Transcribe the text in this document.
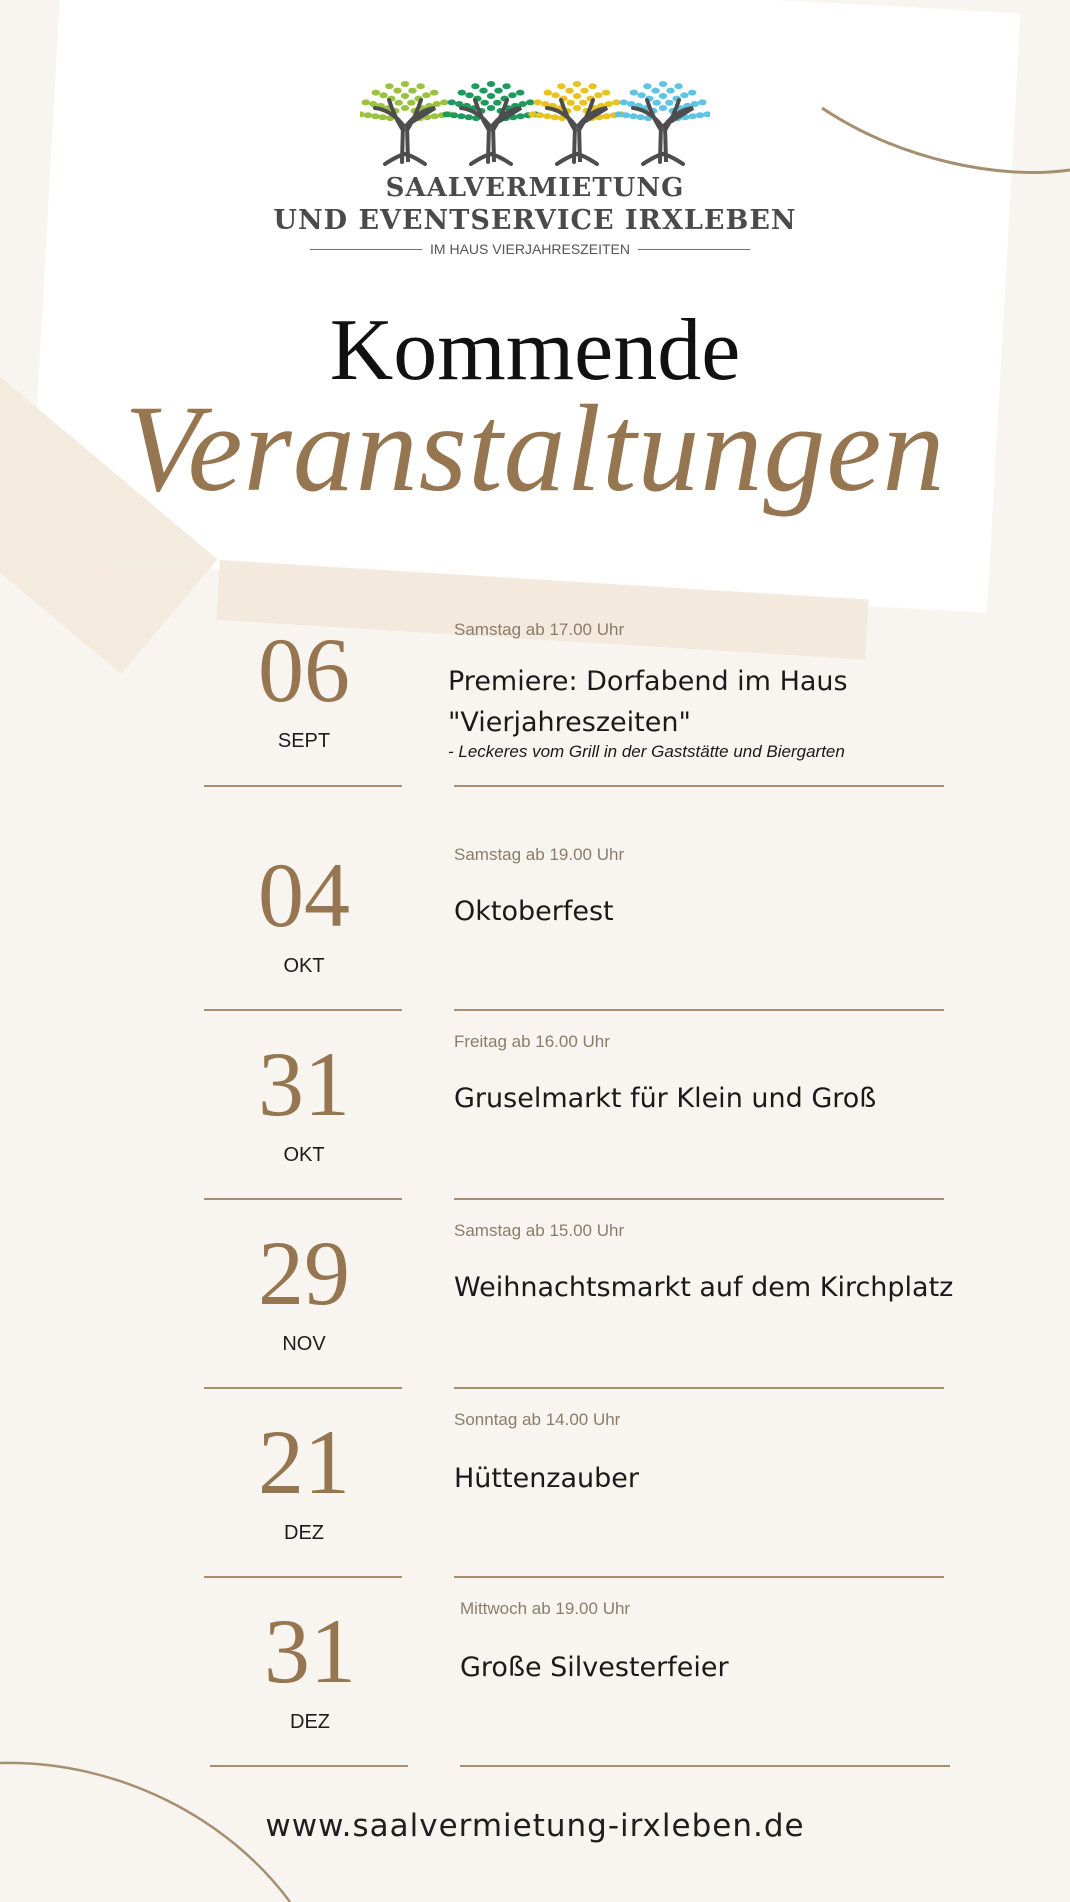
SAALVERMIETUNG
UND EVENTSERVICE IRXLEBEN
IM HAUS VIERJAHRESZEITEN
Kommende
Veranstaltungen
06
SEPT
Samstag ab 17.00 Uhr
Premiere: Dorfabend im Haus "Vierjahreszeiten"
- Leckeres vom Grill in der Gaststätte und Biergarten
04
OKT
Samstag ab 19.00 Uhr
Oktoberfest
31
OKT
Freitag ab 16.00 Uhr
Gruselmarkt für Klein und Groß
29
NOV
Samstag ab 15.00 Uhr
Weihnachtsmarkt auf dem Kirchplatz
21
DEZ
Sonntag ab 14.00 Uhr
Hüttenzauber
31
DEZ
Mittwoch ab 19.00 Uhr
Große Silvesterfeier
www.saalvermietung-irxleben.de
